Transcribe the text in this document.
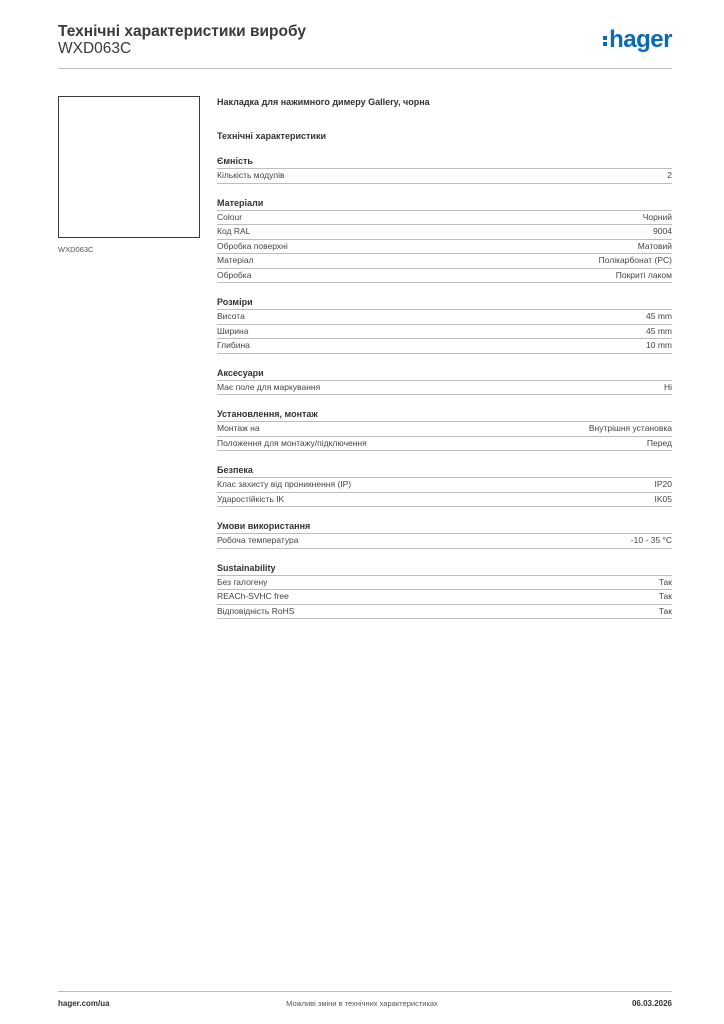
Технічні характеристики виробу
WXD063C	hager
WXD063C
Накладка для нажимного димеру Gallery, чорна
Технічні характеристики
Ємність
Кількість модулів	2
Матеріали
Colour	Чорний
Код RAL	9004
Обробка поверхні	Матовий
Матеріал	Полікарбонат (PC)
Обробка	Покриті лаком
Розміри
Висота	45 mm
Ширина	45 mm
Глибина	10 mm
Аксесуари
Має поле для маркування	Ні
Установлення, монтаж
Монтаж на	Внутрішня установка
Положення для монтажу/підключення	Перед
Безпека
Клас захисту від проникнення (IP)	IP20
Ударостійкість IK	IK05
Умови використання
Робоча температура	-10 - 35 °C
Sustainability
Без галогену	Так
REACh-SVHC free	Так
Відповідність RoHS	Так
hager.com/ua	Можливі зміни в технічних характеристиках	06.03.2026
